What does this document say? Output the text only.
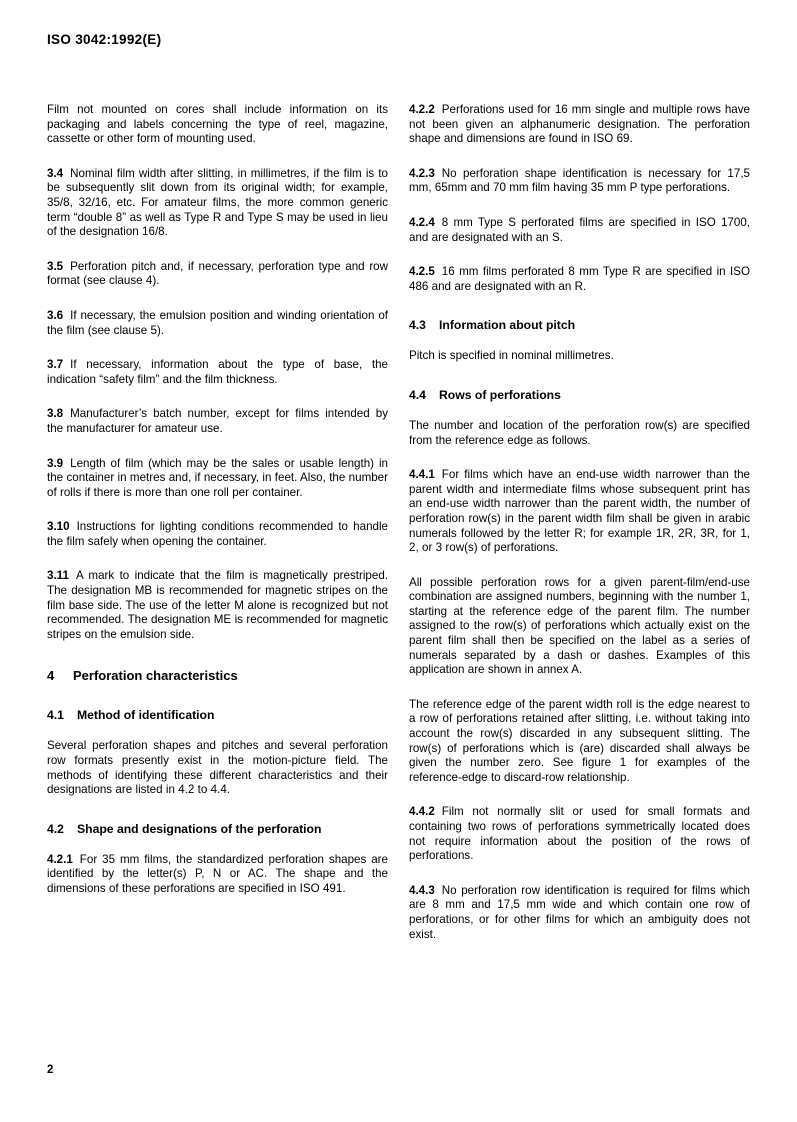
ISO 3042:1992(E)

Film not mounted on cores shall include information on its packaging and labels concerning the type of reel, magazine, cassette or other form of mounting used.

3.4 Nominal film width after slitting, in millimetres, if the film is to be subsequently slit down from its original width; for example, 35/8, 32/16, etc. For amateur films, the more common generic term “double 8” as well as Type R and Type S may be used in lieu of the designation 16/8.

3.5 Perforation pitch and, if necessary, perforation type and row format (see clause 4).

3.6 If necessary, the emulsion position and winding orientation of the film (see clause 5).

3.7 If necessary, information about the type of base, the indication “safety film” and the film thickness.

3.8 Manufacturer’s batch number, except for films intended by the manufacturer for amateur use.

3.9 Length of film (which may be the sales or usable length) in the container in metres and, if necessary, in feet. Also, the number of rolls if there is more than one roll per container.

3.10 Instructions for lighting conditions recommended to handle the film safely when opening the container.

3.11 A mark to indicate that the film is magnetically prestriped. The designation MB is recommended for magnetic stripes on the film base side. The use of the letter M alone is recognized but not recommended. The designation ME is recommended for magnetic stripes on the emulsion side.

4 Perforation characteristics
4.1 Method of identification

Several perforation shapes and pitches and several perforation row formats presently exist in the motion-picture field. The methods of identifying these different characteristics and their designations are listed in 4.2 to 4.4.

4.2 Shape and designations of the perforation

4.2.1 For 35 mm films, the standardized perforation shapes are identified by the letter(s) P, N or AC. The shape and the dimensions of these perforations are specified in ISO 491.

4.2.2 Perforations used for 16 mm single and multiple rows have not been given an alphanumeric designation. The perforation shape and dimensions are found in ISO 69.

4.2.3 No perforation shape identification is necessary for 17,5 mm, 65mm and 70 mm film having 35 mm P type perforations.

4.2.4 8 mm Type S perforated films are specified in ISO 1700, and are designated with an S.

4.2.5 16 mm films perforated 8 mm Type R are specified in ISO 486 and are designated with an R.

4.3 Information about pitch

Pitch is specified in nominal millimetres.

4.4 Rows of perforations

The number and location of the perforation row(s) are specified from the reference edge as follows.

4.4.1 For films which have an end-use width narrower than the parent width and intermediate films whose subsequent print has an end-use width narrower than the parent width, the number of perforation row(s) in the parent width film shall be given in arabic numerals followed by the letter R; for example 1R, 2R, 3R, for 1, 2, or 3 row(s) of perforations.

All possible perforation rows for a given parent-film/end-use combination are assigned numbers, beginning with the number 1, starting at the reference edge of the parent film. The number assigned to the row(s) of perforations which actually exist on the parent film shall then be specified on the label as a series of numerals separated by a dash or dashes. Examples of this application are shown in annex A.

The reference edge of the parent width roll is the edge nearest to a row of perforations retained after slitting, i.e. without taking into account the row(s) discarded in any subsequent slitting. The row(s) of perforations which is (are) discarded shall always be given the number zero. See figure 1 for examples of the reference-edge to discard-row relationship.

4.4.2 Film not normally slit or used for small formats and containing two rows of perforations symmetrically located does not require information about the position of the rows of perforations.

4.4.3 No perforation row identification is required for films which are 8 mm and 17,5 mm wide and which contain one row of perforations, or for other films for which an ambiguity does not exist.

2
